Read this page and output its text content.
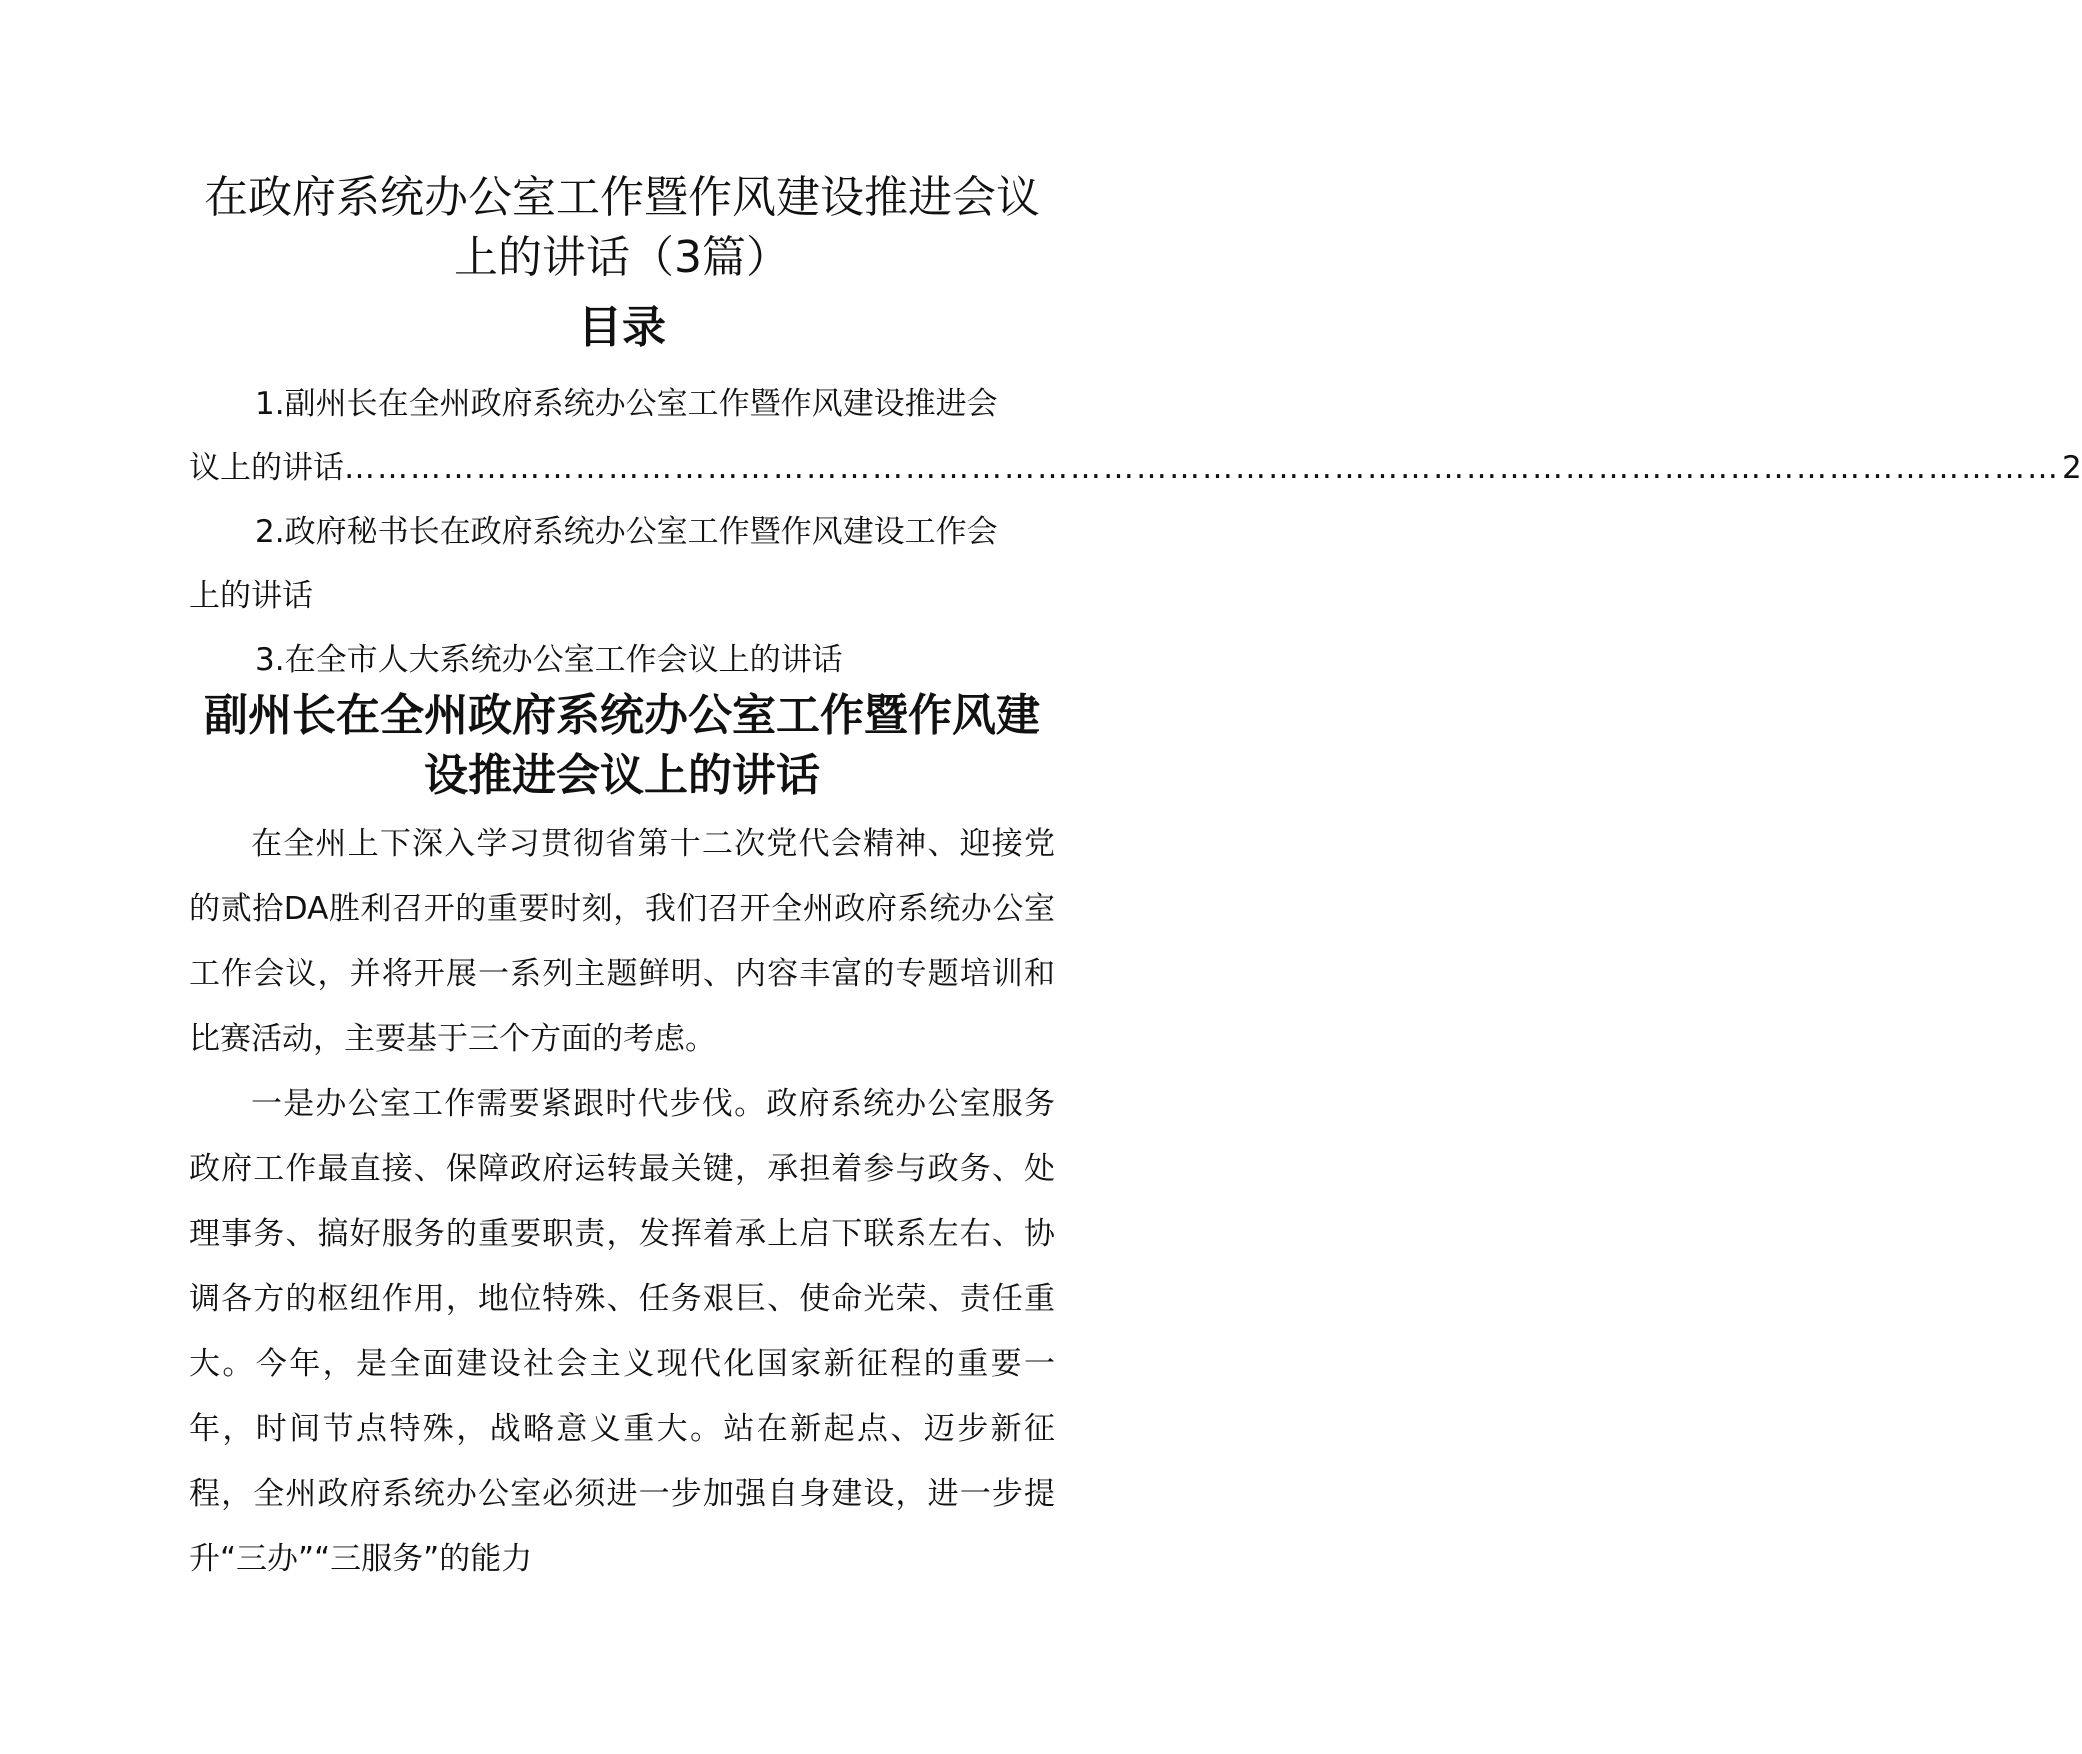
在政府系统办公室工作暨作风建设推进会议上的讲话（3篇）
目录
1.副州长在全州政府系统办公室工作暨作风建设推进会
议上的讲话 ………………………………………………………………………………………………………………………………………… 2
2.政府秘书长在政府系统办公室工作暨作风建设工作会
上的讲话
3.在全市人大系统办公室工作会议上的讲话
副州长在全州政府系统办公室工作暨作风建设推进会议上的讲话

在全州上下深入学习贯彻省第十二次党代会精神、迎接党的贰拾DA胜利召开的重要时刻，我们召开全州政府系统办公室工作会议，并将开展一系列主题鲜明、内容丰富的专题培训和比赛活动，主要基于三个方面的考虑。

一是办公室工作需要紧跟时代步伐。政府系统办公室服务政府工作最直接、保障政府运转最关键，承担着参与政务、处理事务、搞好服务的重要职责，发挥着承上启下联系左右、协调各方的枢纽作用，地位特殊、任务艰巨、使命光荣、责任重大。今年，是全面建设社会主义现代化国家新征程的重要一年，时间节点特殊，战略意义重大。站在新起点、迈步新征程，全州政府系统办公室必须进一步加强自身建设，进一步提升“三办”“三服务”的能力
